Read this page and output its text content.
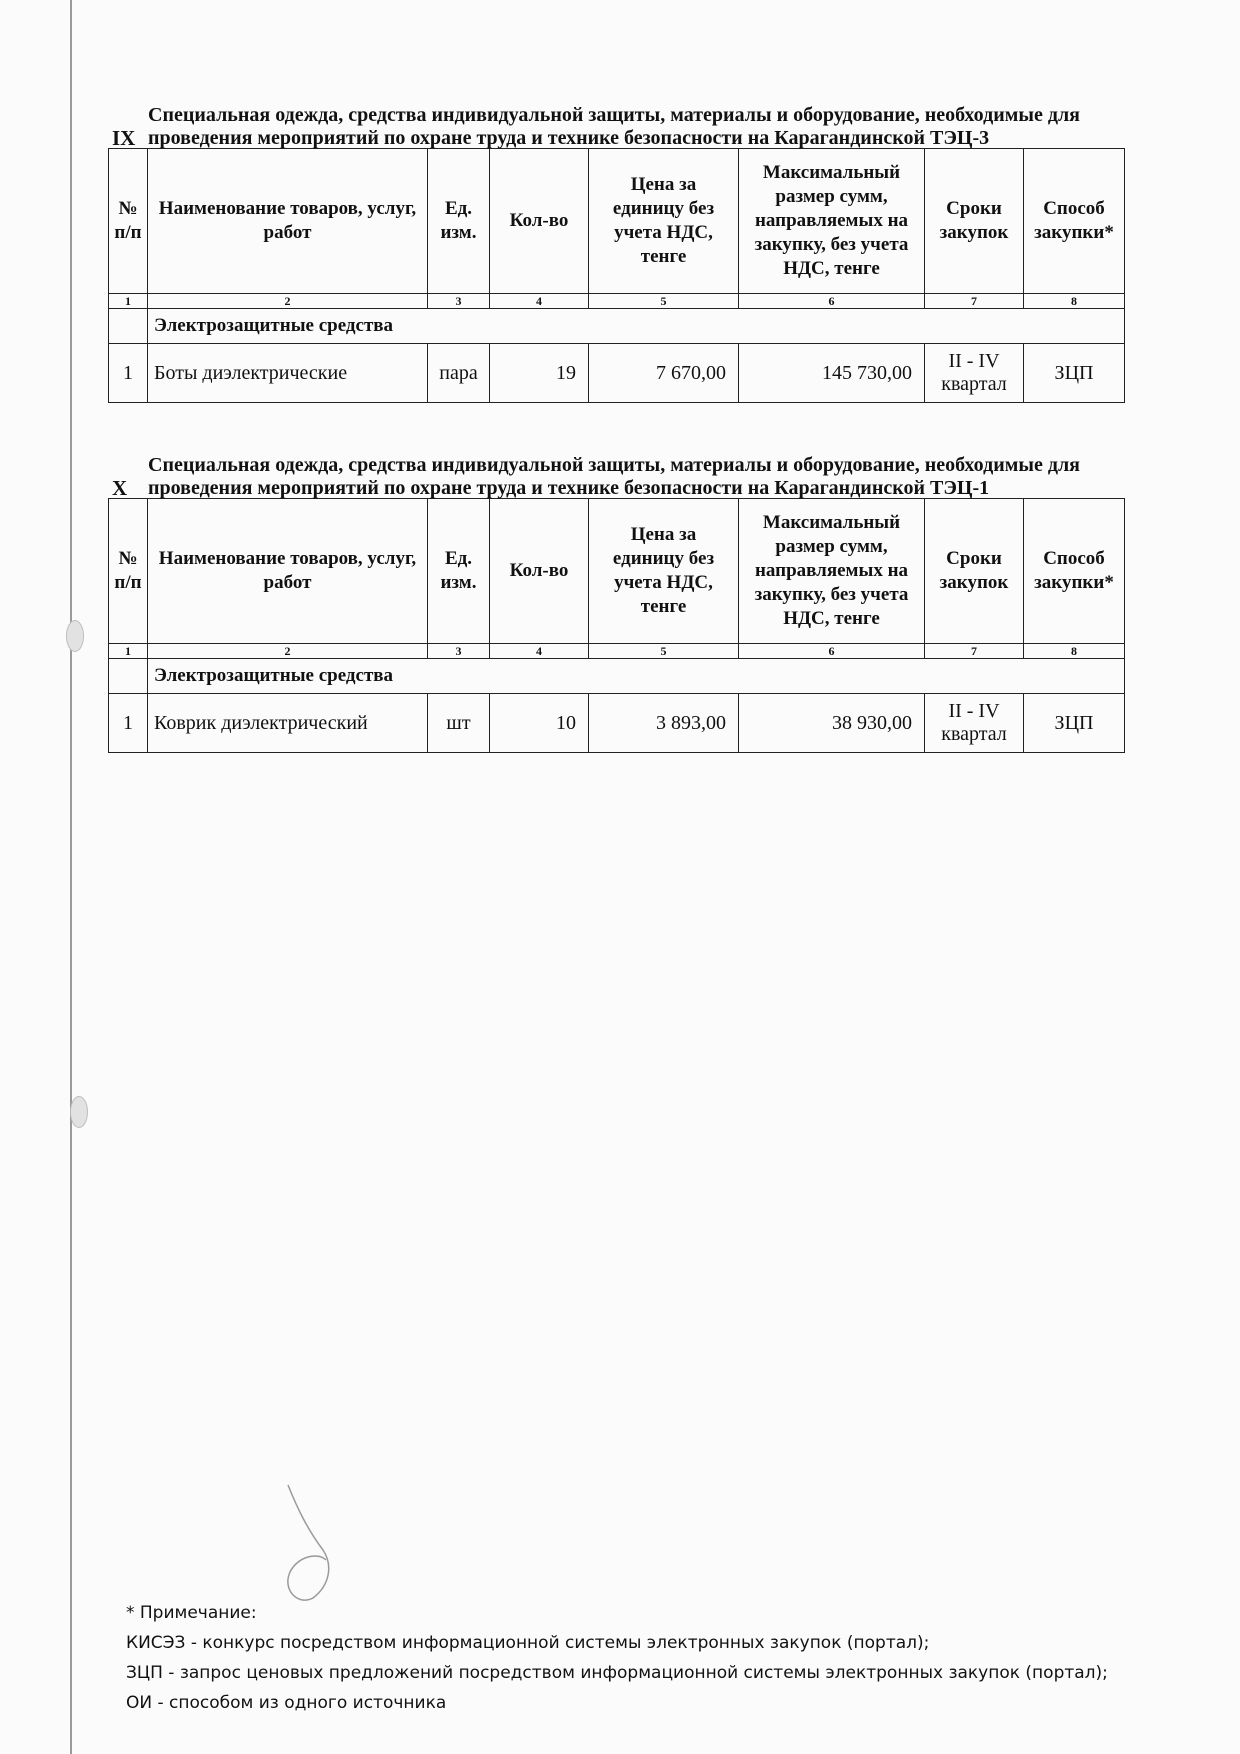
IX
Специальная одежда, средства индивидуальной защиты, материалы и оборудование, необходимые для проведения мероприятий по охране труда и технике безопасности на Карагандинской ТЭЦ-3
№ п/п	Наименование товаров, услуг, работ	Ед. изм.	Кол-во	Цена за единицу без учета НДС, тенге	Максимальный размер сумм, направляемых на закупку, без учета НДС, тенге	Сроки закупок	Способ закупки*
1	2	3	4	5	6	7	8
	Электрозащитные средства						
1	Боты диэлектрические	пара	19	7 670,00	145 730,00	II - IV квартал	ЗЦП
X
Специальная одежда, средства индивидуальной защиты, материалы и оборудование, необходимые для проведения мероприятий по охране труда и технике безопасности на Карагандинской ТЭЦ-1
№ п/п	Наименование товаров, услуг, работ	Ед. изм.	Кол-во	Цена за единицу без учета НДС, тенге	Максимальный размер сумм, направляемых на закупку, без учета НДС, тенге	Сроки закупок	Способ закупки*
1	2	3	4	5	6	7	8
	Электрозащитные средства						
1	Коврик диэлектрический	шт	10	3 893,00	38 930,00	II - IV квартал	ЗЦП
* Примечание:
КИСЭЗ - конкурс посредством информационной системы электронных закупок (портал);
ЗЦП - запрос ценовых предложений посредством информационной системы электронных закупок (портал);
ОИ - способом из одного источника
